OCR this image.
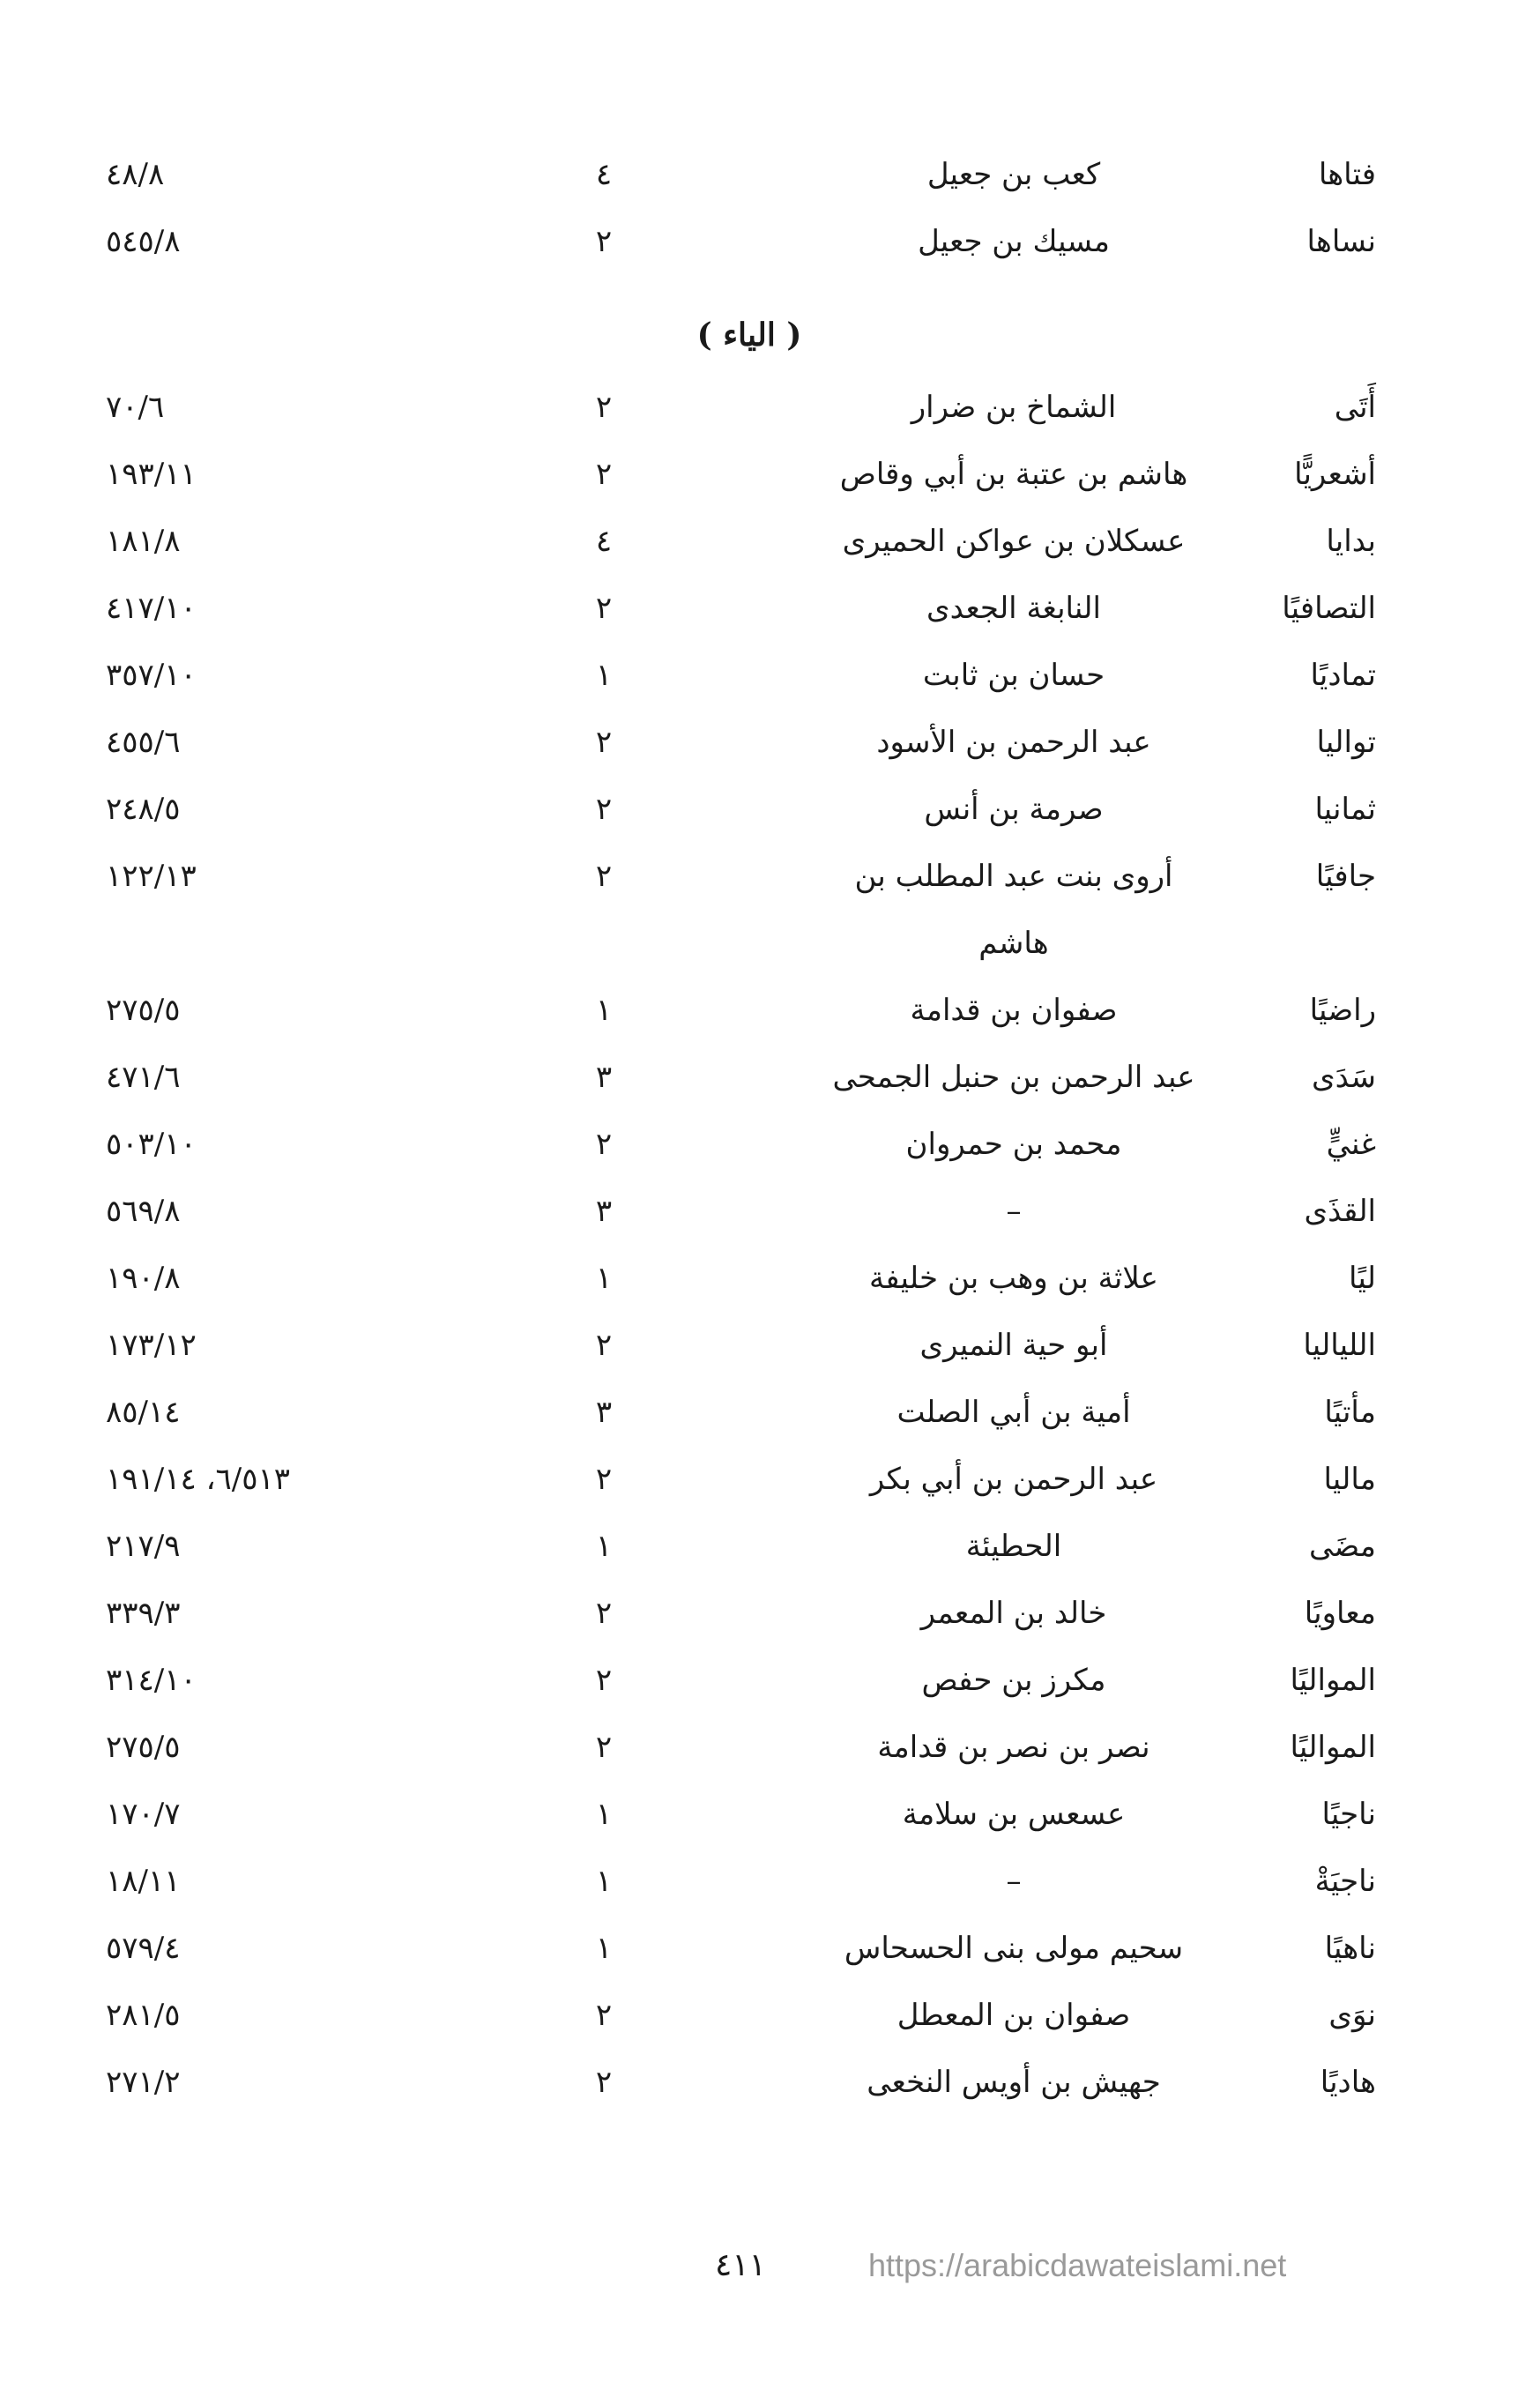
فتاها
كعب بن جعيل
٤
٤٨/٨
نساها
مسيك بن جعيل
٢
٥٤٥/٨
( الياء )
أَتَى
الشماخ بن ضرار
٢
٧٠/٦
أشعريًّا
هاشم بن عتبة بن أبي وقاص
٢
١٩٣/١١
بدايا
عسكلان بن عواكن الحميرى
٤
١٨١/٨
التصافيًا
النابغة الجعدى
٢
٤١٧/١٠
تماديًا
حسان بن ثابت
١
٣٥٧/١٠
تواليا
عبد الرحمن بن الأسود
٢
٤٥٥/٦
ثمانيا
صرمة بن أنس
٢
٢٤٨/٥
جافيًا
أروى بنت عبد المطلب بن
٢
١٢٢/١٣
هاشم
راضيًا
صفوان بن قدامة
١
٢٧٥/٥
سَدَى
عبد الرحمن بن حنبل الجمحى
٣
٤٧١/٦
غنيٍّ
محمد بن حمروان
٢
٥٠٣/١٠
القذَى
–
٣
٥٦٩/٨
ليًا
علاثة بن وهب بن خليفة
١
١٩٠/٨
اللياليا
أبو حية النميرى
٢
١٧٣/١٢
مأتيًا
أمية بن أبي الصلت
٣
٨٥/١٤
ماليا
عبد الرحمن بن أبي بكر
٢
٦/٥١٣، ١٩١/١٤
مضَى
الحطيئة
١
٢١٧/٩
معاويًا
خالد بن المعمر
٢
٣٣٩/٣
المواليًا
مكرز بن حفص
٢
٣١٤/١٠
المواليًا
نصر بن نصر بن قدامة
٢
٢٧٥/٥
ناجيًا
عسعس بن سلامة
١
١٧٠/٧
ناجيَةْ
–
١
١٨/١١
ناهيًا
سحيم مولى بنى الحسحاس
١
٥٧٩/٤
نوَى
صفوان بن المعطل
٢
٢٨١/٥
هاديًا
جهيش بن أويس النخعى
٢
٢٧١/٢
٤١١	https://arabicdawateislami.net
